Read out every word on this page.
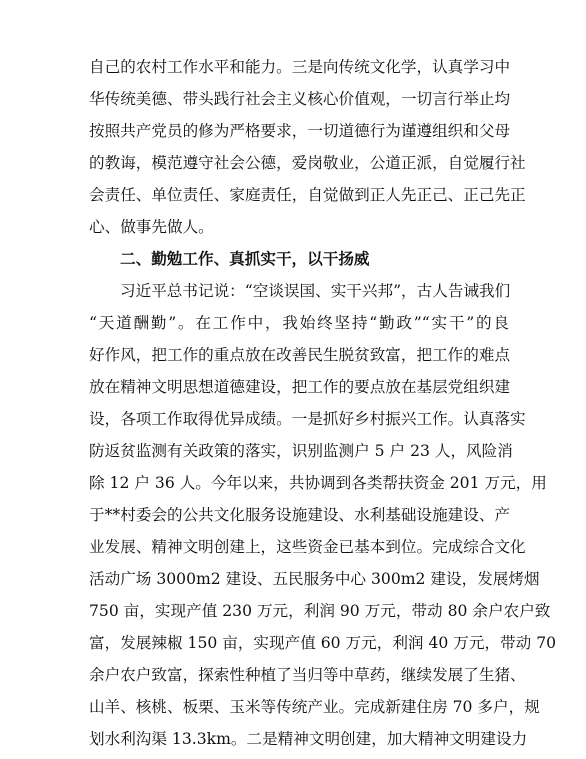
自己的农村工作水平和能力。三是向传统文化学，认真学习中
华传统美德、带头践行社会主义核心价值观，一切言行举止均
按照共产党员的修为严格要求，一切道德行为谨遵组织和父母
的教诲，模范遵守社会公德，爱岗敬业，公道正派，自觉履行社
会责任、单位责任、家庭责任，自觉做到正人先正己、正己先正
心、做事先做人。
二、勤勉工作、真抓实干，以干扬威
习近平总书记说：“空谈误国、实干兴邦”，古人告诫我们
“天道酬勤”。在工作中，我始终坚持“勤政”“实干”的良
好作风，把工作的重点放在改善民生脱贫致富，把工作的难点
放在精神文明思想道德建设，把工作的要点放在基层党组织建
设，各项工作取得优异成绩。一是抓好乡村振兴工作。认真落实
防返贫监测有关政策的落实，识别监测户 5 户 23 人，风险消
除 12 户 36 人。今年以来，共协调到各类帮扶资金 201 万元，用
于**村委会的公共文化服务设施建设、水利基础设施建设、产
业发展、精神文明创建上，这些资金已基本到位。完成综合文化
活动广场 3000m2 建设、五民服务中心 300m2 建设，发展烤烟
750 亩，实现产值 230 万元，利润 90 万元，带动 80 余户农户致
富，发展辣椒 150 亩，实现产值 60 万元，利润 40 万元，带动 70
余户农户致富，探索性种植了当归等中草药，继续发展了生猪、
山羊、核桃、板栗、玉米等传统产业。完成新建住房 70 多户，规
划水利沟渠 13.3km。二是精神文明创建，加大精神文明建设力
